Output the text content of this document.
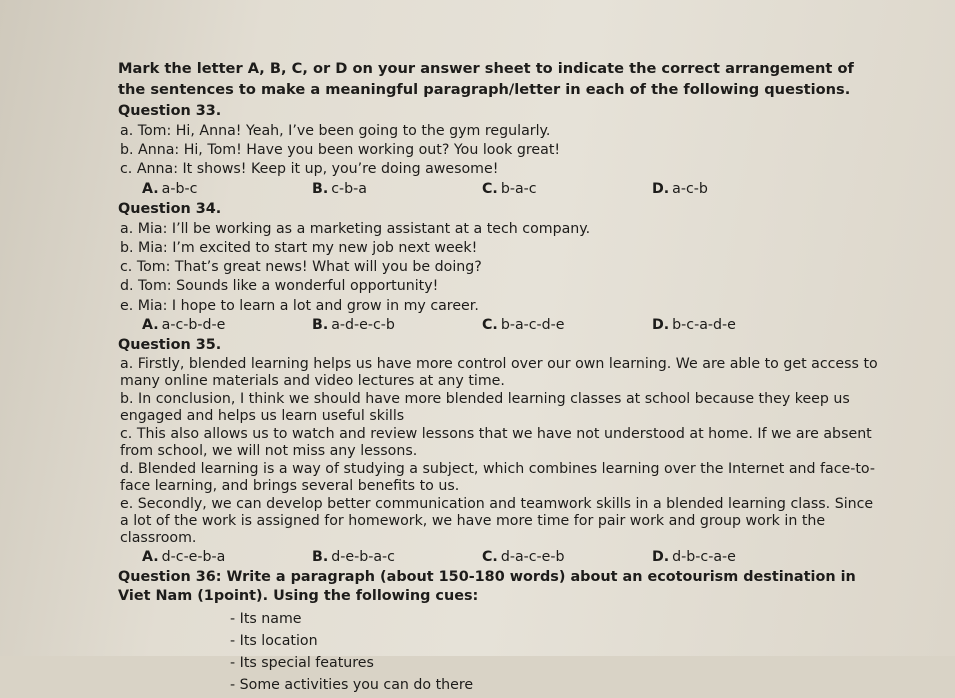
Mark the letter A, B, C, or D on your answer sheet to indicate the correct arrangement of the sentences to make a meaningful paragraph/letter in each of the following questions.
Question 33.
a. Tom: Hi, Anna! Yeah, I’ve been going to the gym regularly.
b. Anna: Hi, Tom! Have you been working out? You look great!
c. Anna: It shows! Keep it up, you’re doing awesome!
A. a-b-c	B. c-b-a	C. b-a-c	D. a-c-b
Question 34.
a. Mia: I’ll be working as a marketing assistant at a tech company.
b. Mia: I’m excited to start my new job next week!
c. Tom: That’s great news! What will you be doing?
d. Tom: Sounds like a wonderful opportunity!
e. Mia: I hope to learn a lot and grow in my career.
A. a-c-b-d-e	B. a-d-e-c-b	C. b-a-c-d-e	D. b-c-a-d-e
Question 35.
a. Firstly, blended learning helps us have more control over our own learning. We are able to get access to many online materials and video lectures at any time.
b. In conclusion, I think we should have more blended learning classes at school because they keep us engaged and helps us learn useful skills
c. This also allows us to watch and review lessons that we have not understood at home. If we are absent from school, we will not miss any lessons.
d. Blended learning is a way of studying a subject, which combines learning over the Internet and face-to-face learning, and brings several benefits to us.
e. Secondly, we can develop better communication and teamwork skills in a blended learning class. Since a lot of the work is assigned for homework, we have more time for pair work and group work in the classroom.
A. d-c-e-b-a	B. d-e-b-a-c	C. d-a-c-e-b	D. d-b-c-a-e
Question 36: Write a paragraph (about 150-180 words) about an ecotourism destination in Viet Nam (1point). Using the following cues:
- Its name
- Its location
- Its special features
- Some activities you can do there
